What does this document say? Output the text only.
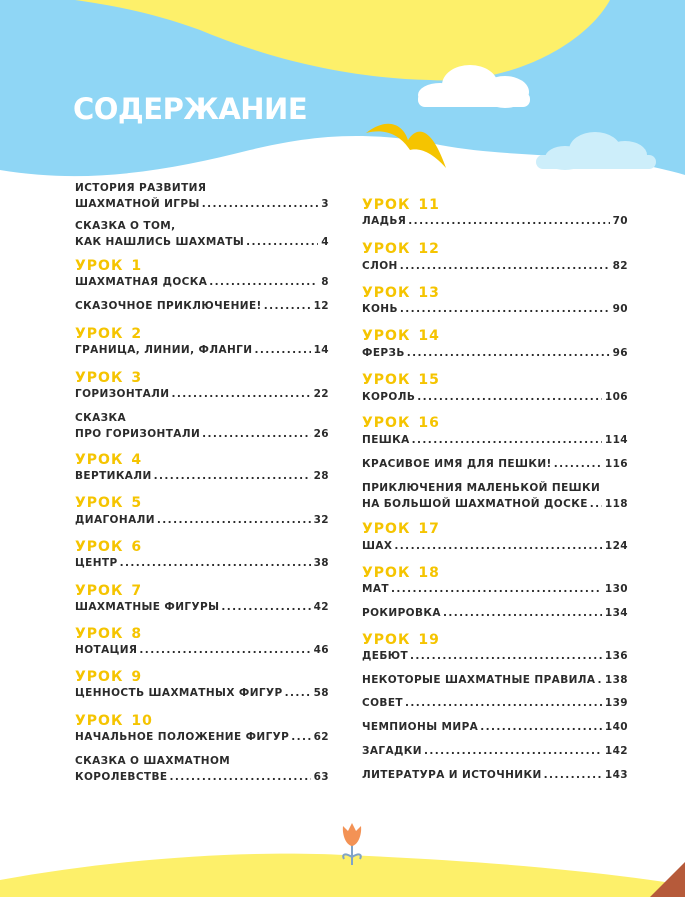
СОДЕРЖАНИЕ
ИСТОРИЯ РАЗВИТИЯ
ШАХМАТНОЙ ИГРЫ .....	3
СКАЗКА О ТОМ,
КАК НАШЛИСЬ ШАХМАТЫ .....	4
УРОК 1
ШАХМАТНАЯ ДОСКА .....	8
СКАЗОЧНОЕ ПРИКЛЮЧЕНИЕ! .....	12
УРОК 2
ГРАНИЦА, ЛИНИИ, ФЛАНГИ .....	14
УРОК 3
ГОРИЗОНТАЛИ .....	22
СКАЗКА
ПРО ГОРИЗОНТАЛИ .....	26
УРОК 4
ВЕРТИКАЛИ .....	28
УРОК 5
ДИАГОНАЛИ .....	32
УРОК 6
ЦЕНТР .....	38
УРОК 7
ШАХМАТНЫЕ ФИГУРЫ .....	42
УРОК 8
НОТАЦИЯ .....	46
УРОК 9
ЦЕННОСТЬ ШАХМАТНЫХ ФИГУР .....	58
УРОК 10
НАЧАЛЬНОЕ ПОЛОЖЕНИЕ ФИГУР ..... 62
СКАЗКА О ШАХМАТНОМ
КОРОЛЕВСТВЕ .....	63
УРОК 11
ЛАДЬЯ .....	70
УРОК 12
СЛОН .....	82
УРОК 13
КОНЬ .....	90
УРОК 14
ФЕРЗЬ .....	96
УРОК 15
КОРОЛЬ .....	106
УРОК 16
ПЕШКА .....	114
КРАСИВОЕ ИМЯ ДЛЯ ПЕШКИ! .....	116
ПРИКЛЮЧЕНИЯ МАЛЕНЬКОЙ ПЕШКИ
НА БОЛЬШОЙ ШАХМАТНОЙ ДОСКЕ ..... 118
УРОК 17
ШАХ .....	124
УРОК 18
МАТ .....	130
РОКИРОВКА .....	134
УРОК 19
ДЕБЮТ .....	136
НЕКОТОРЫЕ ШАХМАТНЫЕ ПРАВИЛА ..... 138
СОВЕТ .....	139
ЧЕМПИОНЫ МИРА .....	140
ЗАГАДКИ .....	142
ЛИТЕРАТУРА И ИСТОЧНИКИ .....	143
